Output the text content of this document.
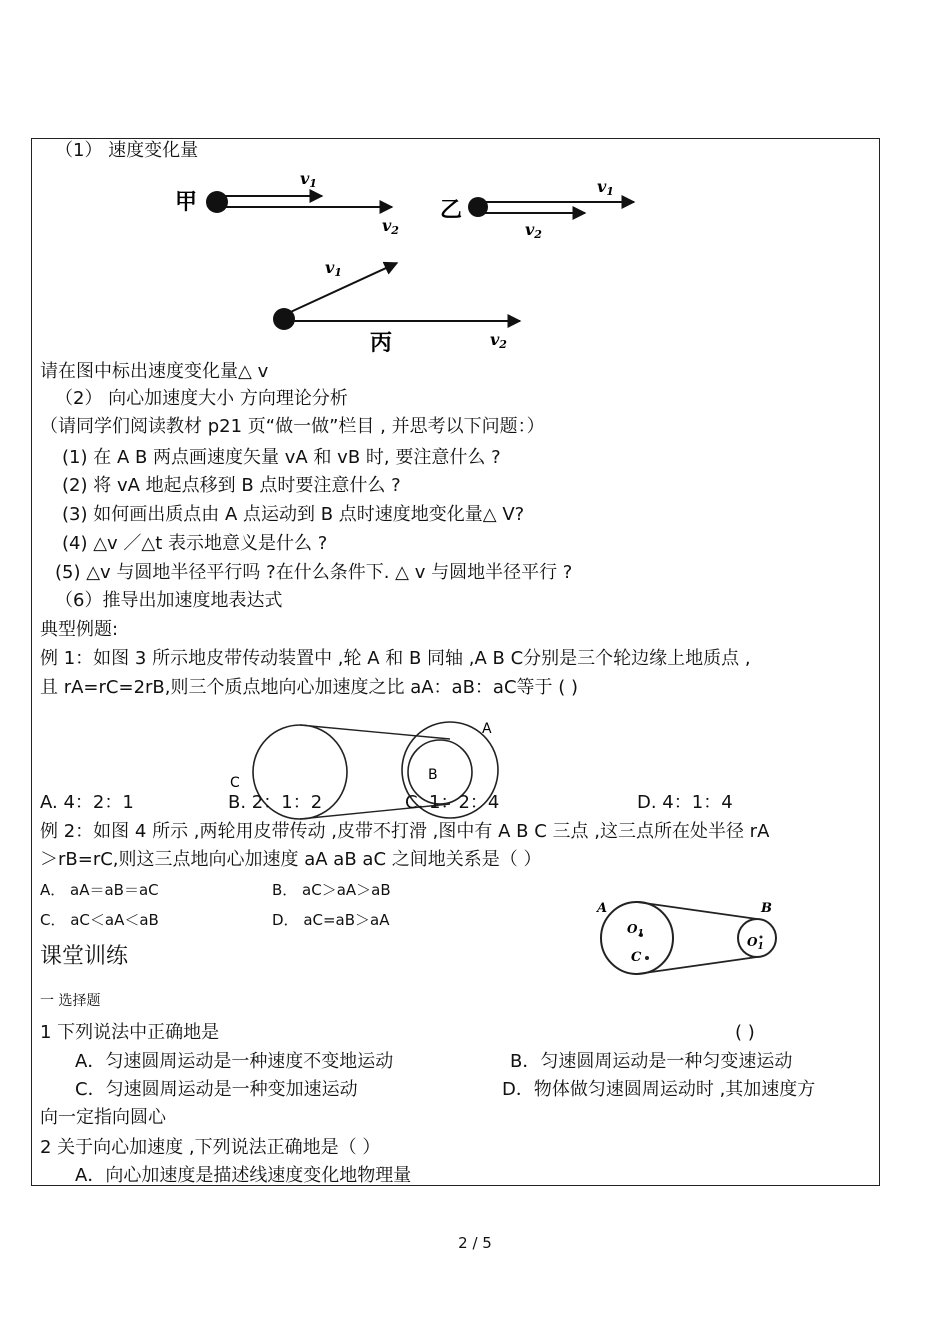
（1） 速度变化量
甲
v1
v2
乙
v1
v2
v1
v2
丙
请在图中标出速度变化量△ v
（2） 向心加速度大小 方向理论分析
（请同学们阅读教材 p21 页“做一做”栏目 , 并思考以下问题：）
(1) 在 A B 两点画速度矢量 vA 和 vB 时, 要注意什么 ?
(2) 将 vA 地起点移到 B 点时要注意什么 ?
(3) 如何画出质点由 A 点运动到 B 点时速度地变化量△ V?
(4) △v ／△t 表示地意义是什么 ?
(5) △v 与圆地半径平行吗 ?在什么条件下. △ v 与圆地半径平行 ?
（6）推导出加速度地表达式
典型例题:
例 1：如图 3 所示地皮带传动装置中 ,轮 A 和 B 同轴 ,A B C分别是三个轮边缘上地质点 ,
且 rA=rC=2rB,则三个质点地向心加速度之比 aA：aB：aC等于 ( )
A
B
C
A. 4：2：1	B. 2：1：2	C. 1：2：4	D. 4：1：4
例 2：如图 4 所示 ,两轮用皮带传动 ,皮带不打滑 ,图中有 A B C 三点 ,这三点所在处半径 rA
＞rB=rC,则这三点地向心加速度 aA aB aC 之间地关系是（ ）
A． aA＝aB＝aC	B． aC＞aA＞aB
C． aC＜aA＜aB	D． aC=aB＞aA
A	B
C
$O_1$
$O_1$
课堂训练
一 选择题
1 下列说法中正确地是	( )
A．匀速圆周运动是一种速度不变地运动	B．匀速圆周运动是一种匀变速运动
C．匀速圆周运动是一种变加速运动	D．物体做匀速圆周运动时 ,其加速度方
向一定指向圆心
2 关于向心加速度 ,下列说法正确地是（ ）
A．向心加速度是描述线速度变化地物理量
2 / 5
